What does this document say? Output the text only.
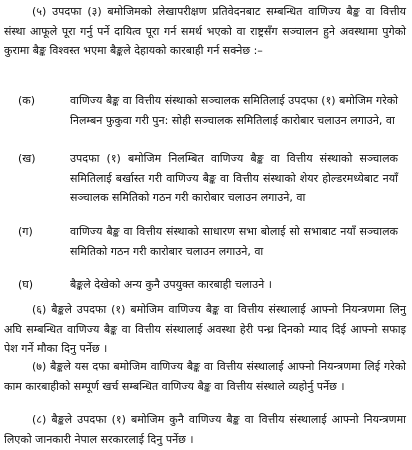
(५) उपदफा (३) बमोजिमको लेखापरीक्षण प्रतिवेदनबाट सम्बन्धित वाणिज्य बैङ्क वा वित्तीय संस्था आफूले पूरा गर्नु पर्ने दायित्व पूरा गर्न समर्थ भएको वा राष्ट्रसँग सञ्चालन हुने अवस्थामा पुगेको कुरामा बैङ्क विश्वस्त भएमा बैङ्कले देहायको कारबाही गर्न सक्नेछ :–
(क)	वाणिज्य बैङ्क वा वित्तीय संस्थाको सञ्चालक समितिलाई उपदफा (१) बमोजिम गरेको निलम्बन फुकुवा गरी पुन: सोही सञ्चालक समितिलाई कारोबार चलाउन लगाउने, वा
(ख)	उपदफा (१) बमोजिम निलम्बित वाणिज्य बैङ्क वा वित्तीय संस्थाको सञ्चालक समितिलाई बर्खास्त गरी वाणिज्य बैङ्क वा वित्तीय संस्थाको शेयर होल्डरमध्येबाट नयाँ सञ्चालक समितिको गठन गरी कारोबार चलाउन लगाउने, वा
(ग)	वाणिज्य बैङ्क वा वित्तीय संस्थाको साधारण सभा बोलाई सो सभाबाट नयाँ सञ्चालक समितिको गठन गरी कारोबार चलाउन लगाउने, वा
(घ)	बैङ्कले देखेको अन्य कुनै उपयुक्त कारबाही चलाउने ।
(६) बैङ्कले उपदफा (१) बमोजिम वाणिज्य बैङ्क वा वित्तीय संस्थालाई आफ्नो नियन्त्रणमा लिनु अघि सम्बन्धित वाणिज्य बैङ्क वा वित्तीय संस्थालाई अवस्था हेरी पन्ध्र दिनको म्याद दिई आफ्नो सफाइ पेश गर्ने मौका दिनु पर्नेछ ।
(७) बैङ्कले यस दफा बमोजिम वाणिज्य बैङ्क वा वित्तीय संस्थालाई आफ्नो नियन्त्रणमा लिई गरेको काम कारबाहीको सम्पूर्ण खर्च सम्बन्धित वाणिज्य बैङ्क वा वित्तीय संस्थाले व्यहोर्नु पर्नेछ ।
(८) बैङ्कले उपदफा (१) बमोजिम कुनै वाणिज्य बैङ्क वा वित्तीय संस्थालाई आफ्नो नियन्त्रणमा लिएको जानकारी नेपाल सरकारलाई दिनु पर्नेछ ।
